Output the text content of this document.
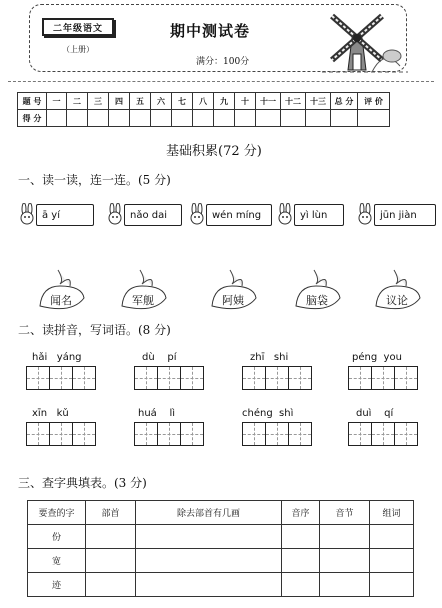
二年级语文
（上册）
期中测试卷
满分：100分
题 号	一	二	三	四	五	六	七	八	九	十	十一	十二	十三	总 分	评 价
得 分															
基础积累(72 分)
一、读一读，连一连。(5 分)
ā yí	nǎo dai	wén míng	yì lùn	jūn jiàn
闻名	军舰	阿姨	脑袋	议论
二、读拼音，写词语。(8 分)
hǎi   yáng	dù    pí	zhī   shi	péng  you
xīn   kǔ	huá    lì	chéng  shì	duì    qí
三、查字典填表。(3 分)
要查的字	部首	除去部首有几画	音序	音节	组词
份					
宽					
迹					
